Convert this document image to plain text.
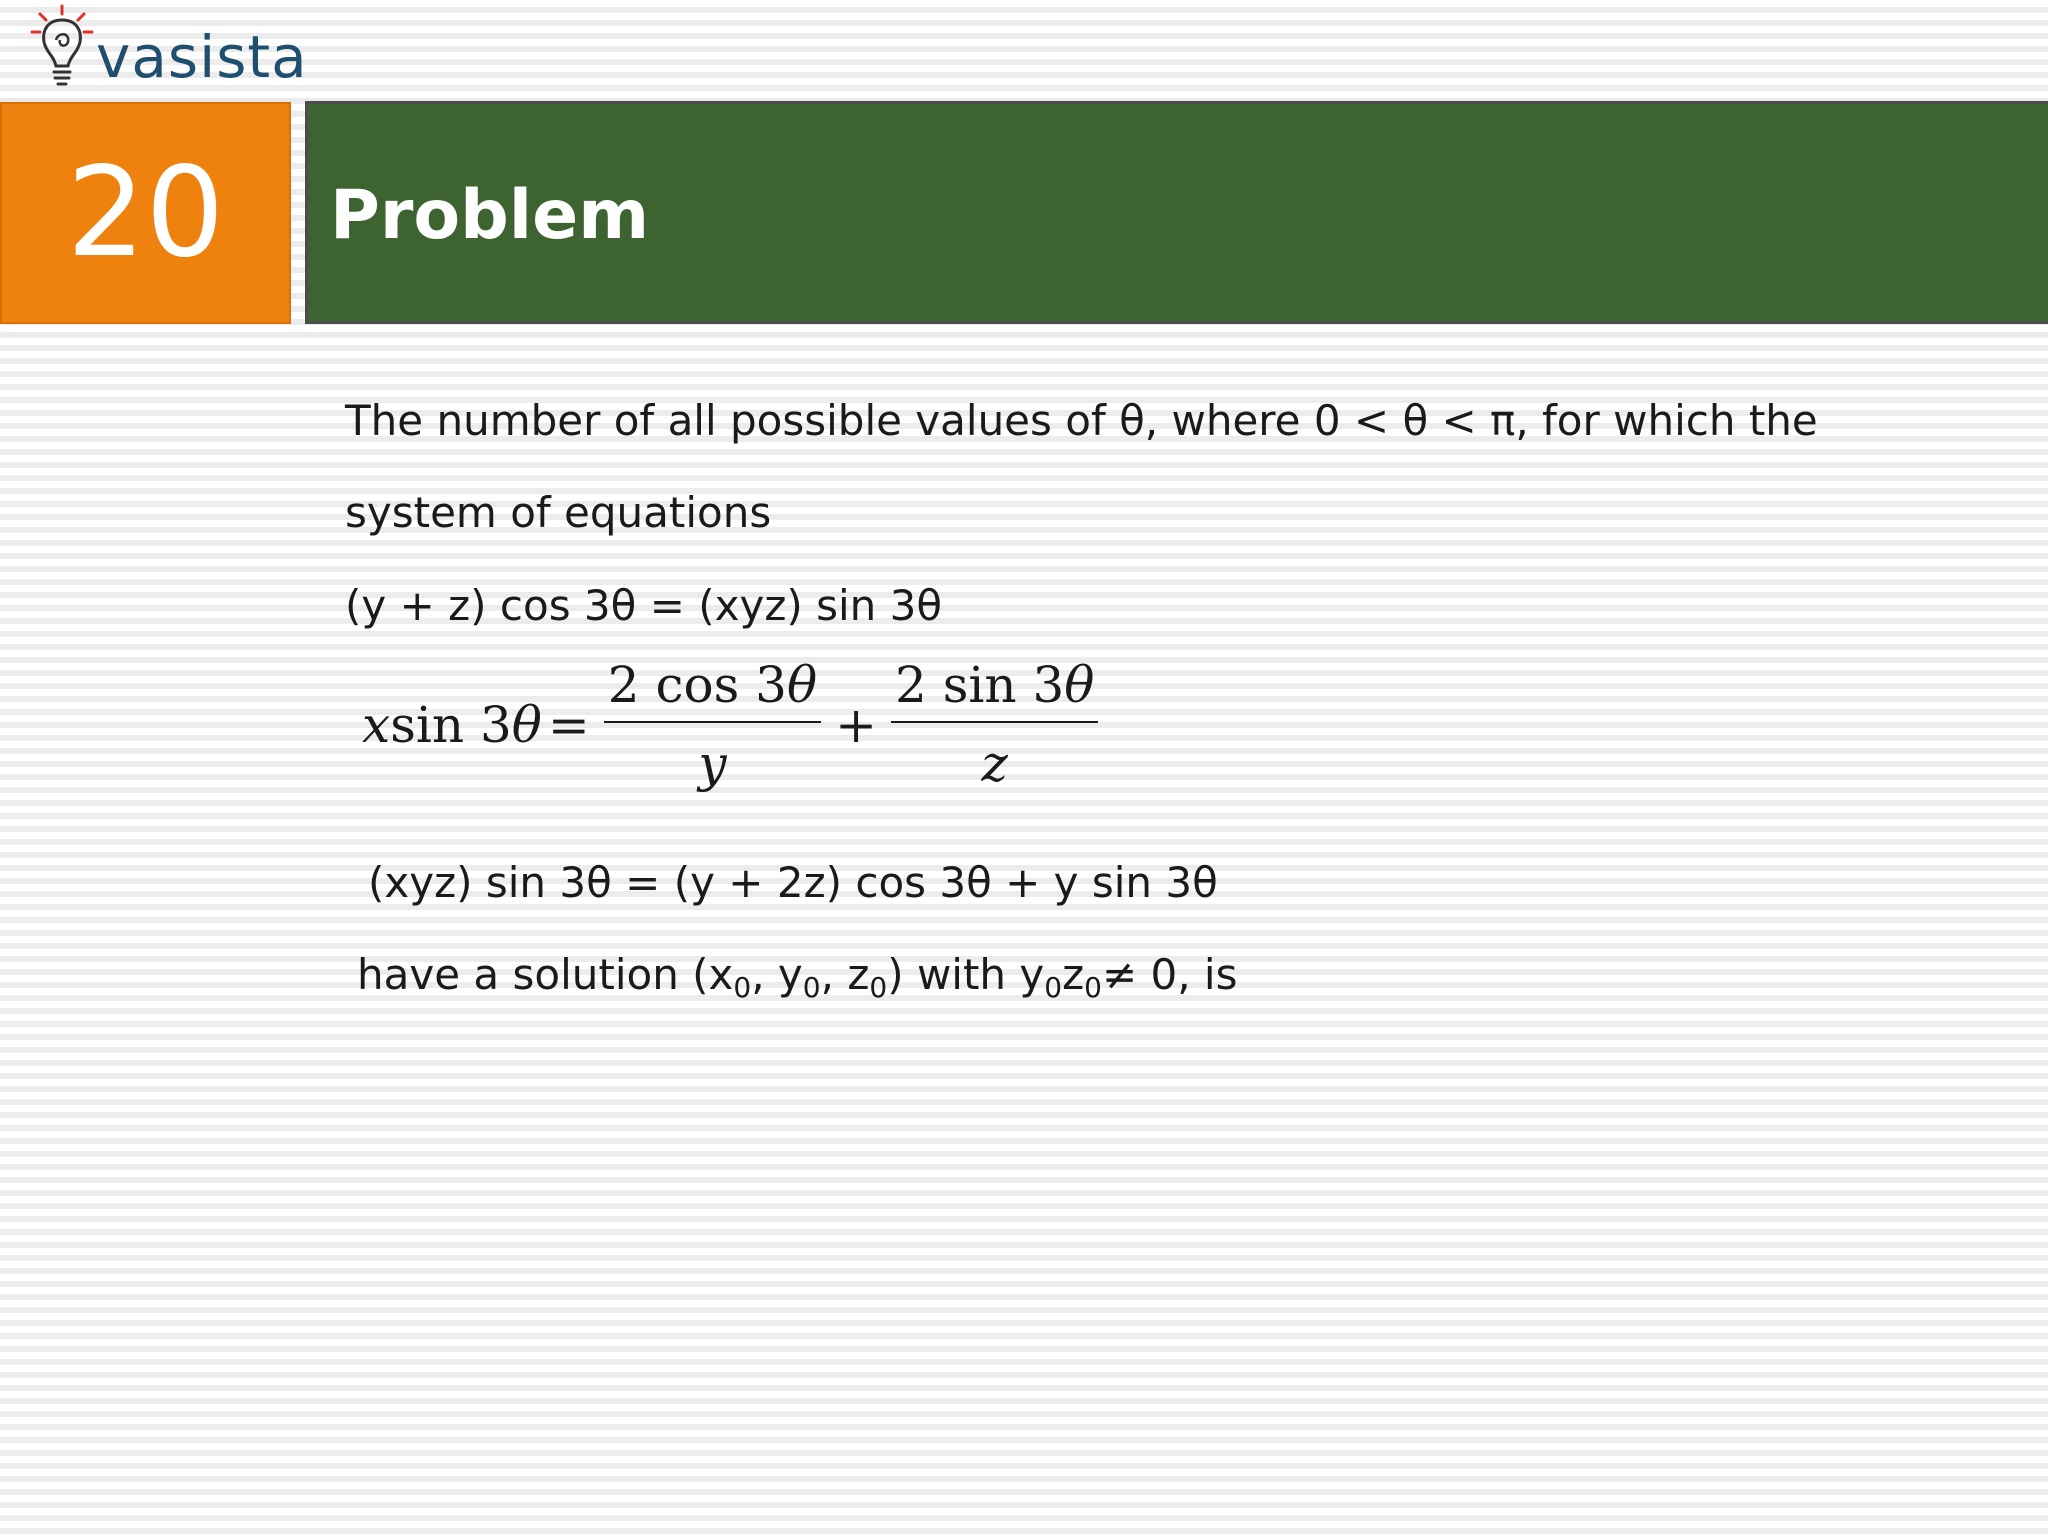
vasista
20 Problem
The number of all possible values of θ, where 0 < θ < π, for which the
system of equations
(y + z) cos 3θ = (xyz) sin 3θ
x sin 3 $\theta = \frac{2 \cos 3\theta}{y} + \frac{2 \sin 3\theta}{z}$
(xyz) sin 3θ = (y + 2z) cos 3θ + y sin 3θ
have a solution ($x_0$, $y_0$, $z_0$) with $y_0z_0\ne 0$, is
